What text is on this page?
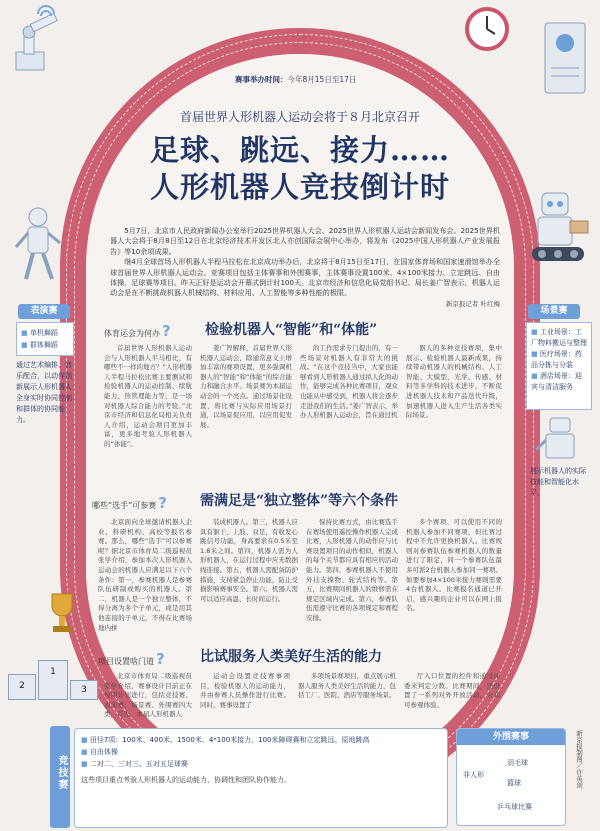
赛事举办时间：今年8月15日至17日
首届世界人形机器人运动会将于８月北京召开
足球、跳远、接力……
人形机器人竞技倒计时

5月7日，北京市人民政府新闻办公室举行2025世界机器人大会、2025世界人形机器人运动会新闻发布会。2025世界机器人大会将于8月8日至12日在北京经济技术开发区北人亦创国际会展中心举办，将发布《2025中国人形机器人产业发展报告》等10余项成果。

继4月全球首场人形机器人半程马拉松在北京成功举办后，北京将于8月15日至17日，在国家体育场和国家速滑馆举办全球首届世界人形机器人运动会。竞赛项目包括主体赛事和外围赛事，主体赛事设置100米、4×100米接力、立定跳远、自由体操、足球赛等项目。昨天正好是运动会开幕式倒计时100天。北京市经济和信息化局党组书记、局长姜广智表示，机器人运动会是在不断挑战机器人机械结构、材料应用、人工智能等多种性能的极限。

新京报记者 叶红梅
表演赛
■ 单机舞蹈
■ 群体舞蹈
通过艺术编排、音乐配合，以动作创新展示人形机器人全身实时协同控制和群体的协同能力。
场景赛
■ 工业场景：工厂物料搬运与整理
■ 医疗场景：药品分拣与分装
■ 酒店场景：迎宾与清洁服务
展示机器人的实际技能和智能化水平。
体育运会为何办 ? 检验机器人“智能”和“体能”

首届世界人形机器人运动会与人形机器人半马相比，有哪些不一样的地方？“人形机器人半程马拉松比赛主要测试和检验机器人的运动控制、续航能力、热管理能力等，是一场对机器人综合能力的考验。”北京市经济和信息化局相关负责人介绍，运动会项目更加丰富，更多地考验人形机器人的“体能”。

姜广智解释，首届世界人形机器人运动会，除通常意义上增加丰富的赛项设置，更多强调机器人的“智能”和“体能”的综合能力和融合水平。场景赛为本届运动会的一个亮点。通过场景化设置，将比赛与实际应用场景打通，以场景促应用，以应用促发展。

的工作需求专门提出的，有一些场景对机器人有非常大的挑战。“在这个竞技当中，大家也能够看到人形机器人通过拟人化的动作，能够完成各种比赛项目，观众也能从中感受到，机器人将会逐步走进我们的生活。”姜广智表示，举办人形机器人运动会，旨在通过机

器人的多种竞技赛项，集中展示、检验机器人最新成果，持续带动机器人的机械结构、人工智能、大模型、光学、传感、材料等多学科的技术进步，不断促进机器人技术和产品迭代升级，加速机器人进入生产生活各类实际场景。

哪些“选手”可参赛 ? 需满足是“独立整体”等六个条件

北京面向全球邀请机器人企业、科研机构、高校等报名参赛。那么，哪些“选手”可以参赛呢？据北京市体育局二级巡视员张学介绍，参加本次人形机器人运动会的机器人应满足以下六个条件：第一，参赛机器人是参赛队伍研制或购买的机器人。第二，机器人是一个独立整体，不得分离为多个子单元，或是用其他连接的子单元，不得在比赛场地内拼

装成机器人。第三，机器人应具有躯干、上肢、双足，有收发心跳信号功能，身高要求在0.5米至1.8米之间。第四，机器人需为人形机器人，在运行过程中应无数据线连接。第五，机器人需配备防护措施，支持紧急停止功能，防止受损影响赛事安全。第六，机器人需可以适应高温、长时间运行。

保持比赛方式，由比赛选手在赛场使用遥控操作机器人完成比赛，人形机器人的动作应与比赛设置项目的动作相似，机器人的每个关节都应具有相应的活动能力。第四，参赛机器人不使用外挂支撑物、轮式结构等。第五，比赛期间机器人的维修需在规定区域内完成。第六，参赛队伍需遵守比赛的各项规定和赛程安排。

多个赛项，可以使用不同的机器人参加不同赛项，但比赛过程中不允许更换机器人。比赛规则对参赛队伍参赛机器人的数量进行了限定，同一个参赛队伍最多可派2台机器人参加同一赛项。如要参加4×100米接力赛则需要4台机器人。比赛报名通道已开启，感兴趣的企业可以在网上报名。

2
1
3
项目设置啥门道 ?	比试服务人类美好生活的能力

北京市体育局二级巡视员张学介绍，赛事设计目前正在按照计划进行，包括竞技赛、表演赛、场景赛、外围赛四大类，首先，本届人形机器人

运动会设置竞技赛事项目，检验机器人的运动能力，并由参赛人员操作进行比赛。同时，赛事设置了

多项场景赛项目，重点展示机器人服务人类美好生活的能力，包括工厂、医院、酒店等服务场景。

厅入口位置的控件和通过评委来判定分数。比赛期间，还设置了一系列对外开放活动，公众可参观体验。

竞技赛
■ 田径7项：100米、400米、1500米、4*100米接力、100米障碍赛和立定跳远、原地跳高
■ 自由体操
■ 二对二、三对三、五对五足球赛
这些项目重点考验人形机器人的运动能力、协调性和团队协作能力。
外围赛事
非人形
羽毛球
篮球
乒乓球比赛
新京报制图／许英剑
